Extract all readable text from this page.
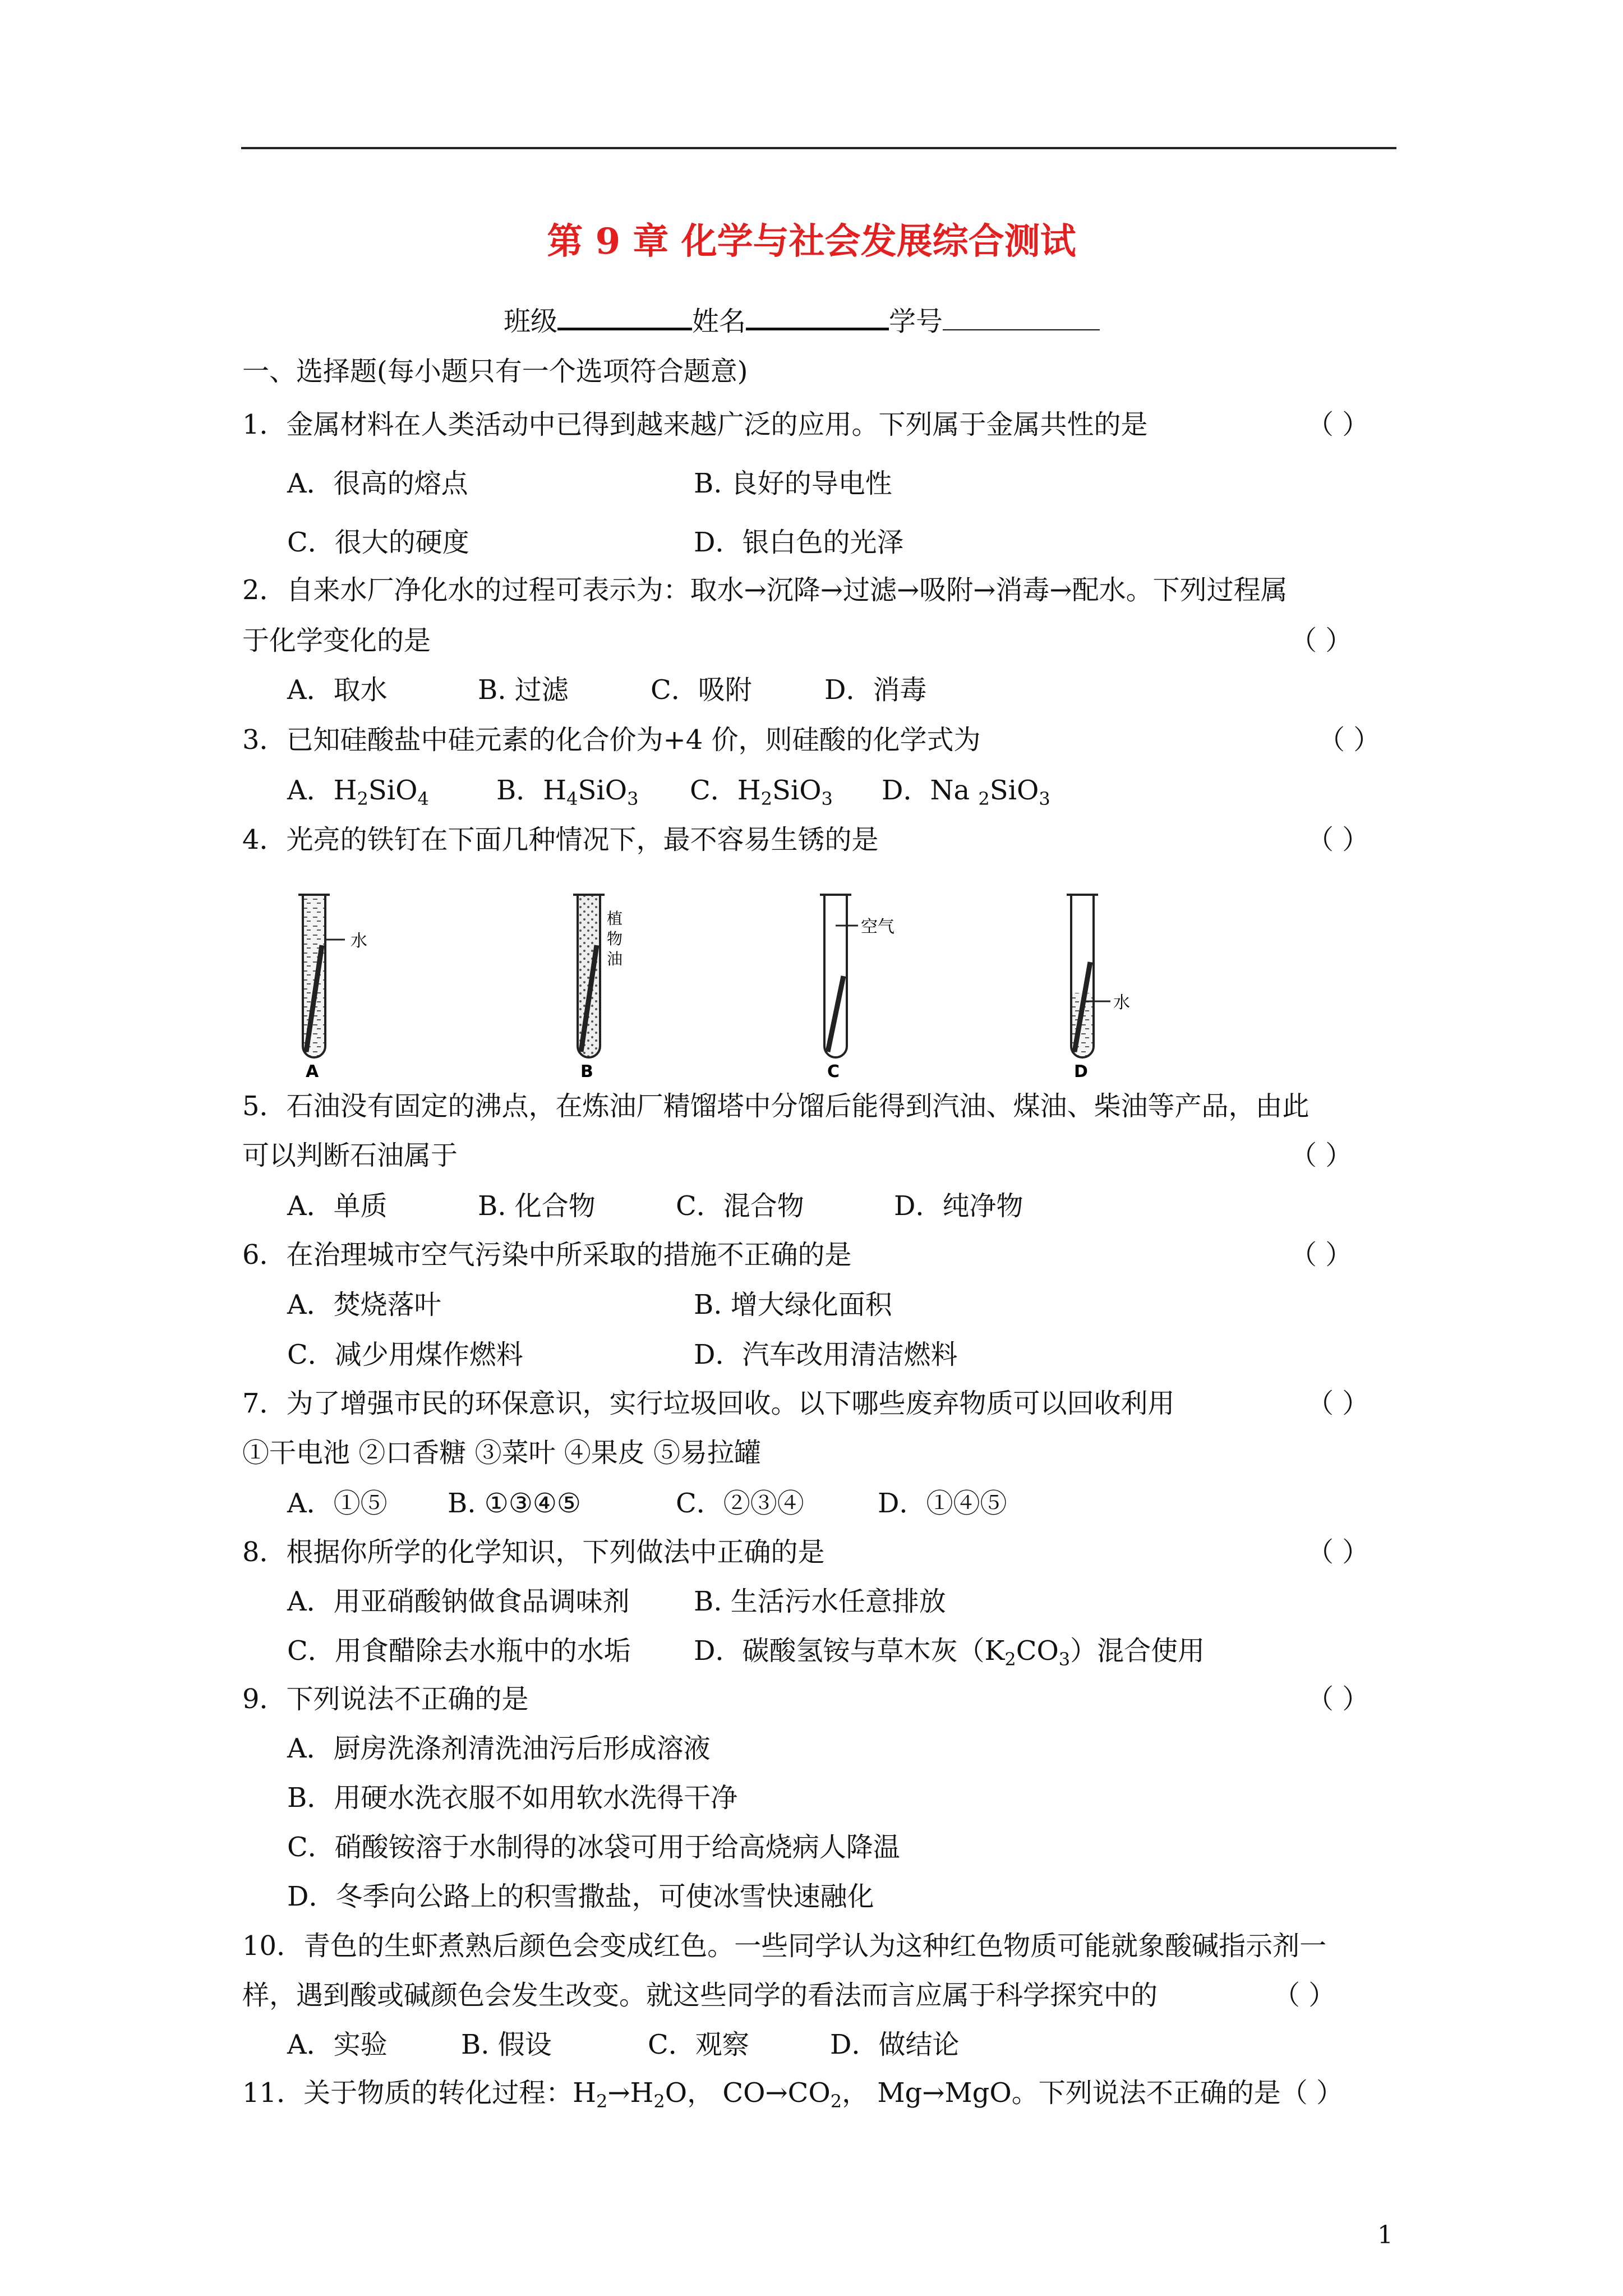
第 9 章 化学与社会发展综合测试
班级	姓名	学号
一、选择题(每小题只有一个选项符合题意)
1．金属材料在人类活动中已得到越来越广泛的应用。下列属于金属共性的是	（ ）
A．很高的熔点	B. 良好的导电性
C．很大的硬度	D．银白色的光泽
2．自来水厂净化水的过程可表示为：取水→沉降→过滤→吸附→消毒→配水。下列过程属
于化学变化的是	（ ）
A．取水	B. 过滤	C．吸附	D．消毒
3．已知硅酸盐中硅元素的化合价为+4 价，则硅酸的化学式为	（ ）
A．$H_2SiO_4$	B．$H_4SiO_3$ C．$H_2SiO_3$ D．Na $_2$SiO$_3$
4．光亮的铁钉在下面几种情况下，最不容易生锈的是	（ ）
水
A
植
物
油
B
空气
C
水
D
5．石油没有固定的沸点，在炼油厂精馏塔中分馏后能得到汽油、煤油、柴油等产品，由此
可以判断石油属于	（ ）
A．单质	B. 化合物	C．混合物	D．纯净物
6．在治理城市空气污染中所采取的措施不正确的是	（ ）
A．焚烧落叶	B. 增大绿化面积
C．减少用煤作燃料	D．汽车改用清洁燃料
7．为了增强市民的环保意识，实行垃圾回收。以下哪些废弃物质可以回收利用	（ ）
①干电池 ②口香糖 ③菜叶 ④果皮 ⑤易拉罐
A．①⑤ B. ①③④⑤	C．②③④	D．①④⑤
8．根据你所学的化学知识，下列做法中正确的是	（ ）
A．用亚硝酸钠做食品调味剂 B. 生活污水任意排放
C．用食醋除去水瓶中的水垢 D．碳酸氢铵与草木灰$(K_2CO_3)$混合使用
9．下列说法不正确的是	（ ）
A．厨房洗涤剂清洗油污后形成溶液
B．用硬水洗衣服不如用软水洗得干净
C．硝酸铵溶于水制得的冰袋可用于给高烧病人降温
D．冬季向公路上的积雪撒盐，可使冰雪快速融化
10．青色的生虾煮熟后颜色会变成红色。一些同学认为这种红色物质可能就象酸碱指示剂一
样，遇到酸或碱颜色会发生改变。就这些同学的看法而言应属于科学探究中的	（ ）
A．实验	B. 假设	C．观察	D．做结论
11．关于物质的转化过程：$H_2\to H_2O$， $CO\to CO_2$， Mg→MgO。下列说法不正确的是（ ）
1
